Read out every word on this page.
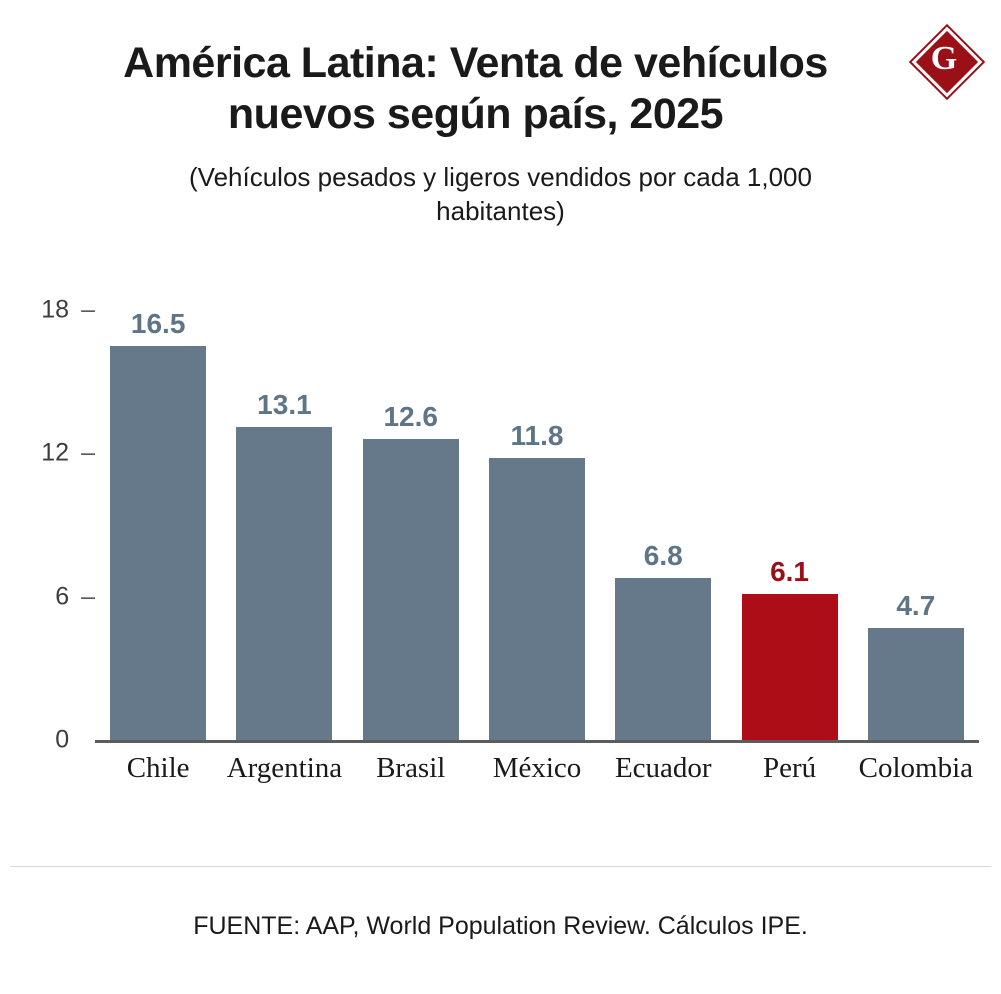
G
América Latina: Venta de vehículos nuevos según país, 2025
(Vehículos pesados y ligeros vendidos por cada 1,000 habitantes)
18 –
12 –
6 –
0
16.5
13.1	12.6
11.8
6.8
6.1
4.7
Chile	Argentina	Brasil	México	Ecuador	Perú	Colombia
FUENTE: AAP, World Population Review. Cálculos IPE.
